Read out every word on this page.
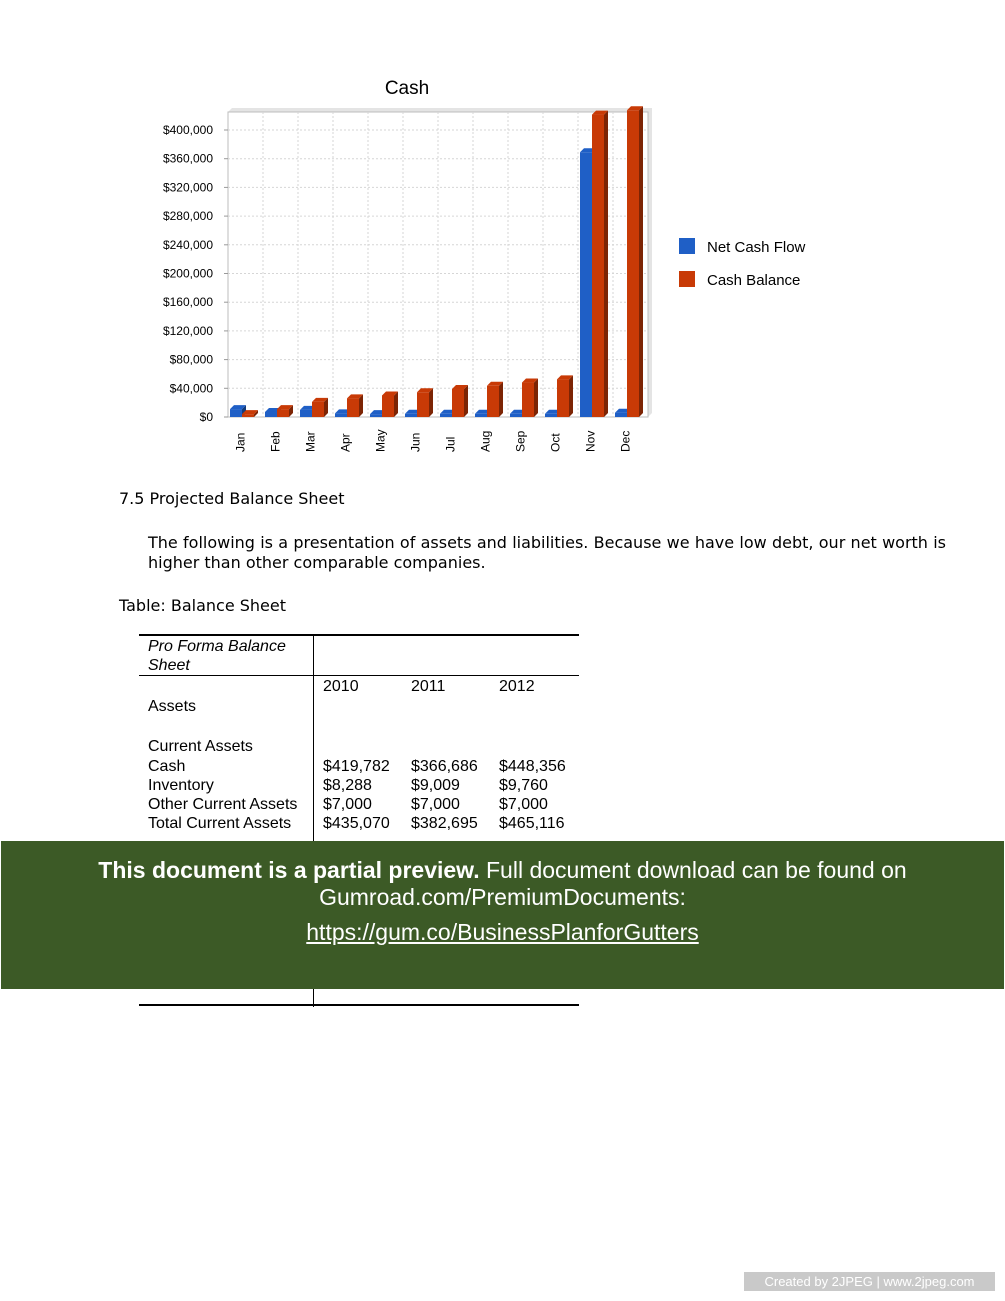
Cash
$0
$40,000
$80,000
$120,000
$160,000
$200,000
$240,000
$280,000
$320,000
$360,000
$400,000
Jan Feb Mar Apr May Jun Jul Aug Sep Oct Nov Dec
Net Cash Flow
Cash Balance
7.5 Projected Balance Sheet

The following is a presentation of assets and liabilities. Because we have low debt, our net worth is higher than other comparable companies.

Table: Balance Sheet

Pro Forma Balance Sheet
2010	2011	2012
Assets
Current Assets
Cash	$419,782 $366,686 $448,356
Inventory	$8,288 $9,009 $9,760
Other Current Assets $7,000 $7,000 $7,000
Total Current Assets $435,070 $382,695 $465,116

This document is a partial preview. Full document download can be found on
Gumroad.com/PremiumDocuments:

https://gum.co/BusinessPlanforGutters
Created by 2JPEG | www.2jpeg.com
